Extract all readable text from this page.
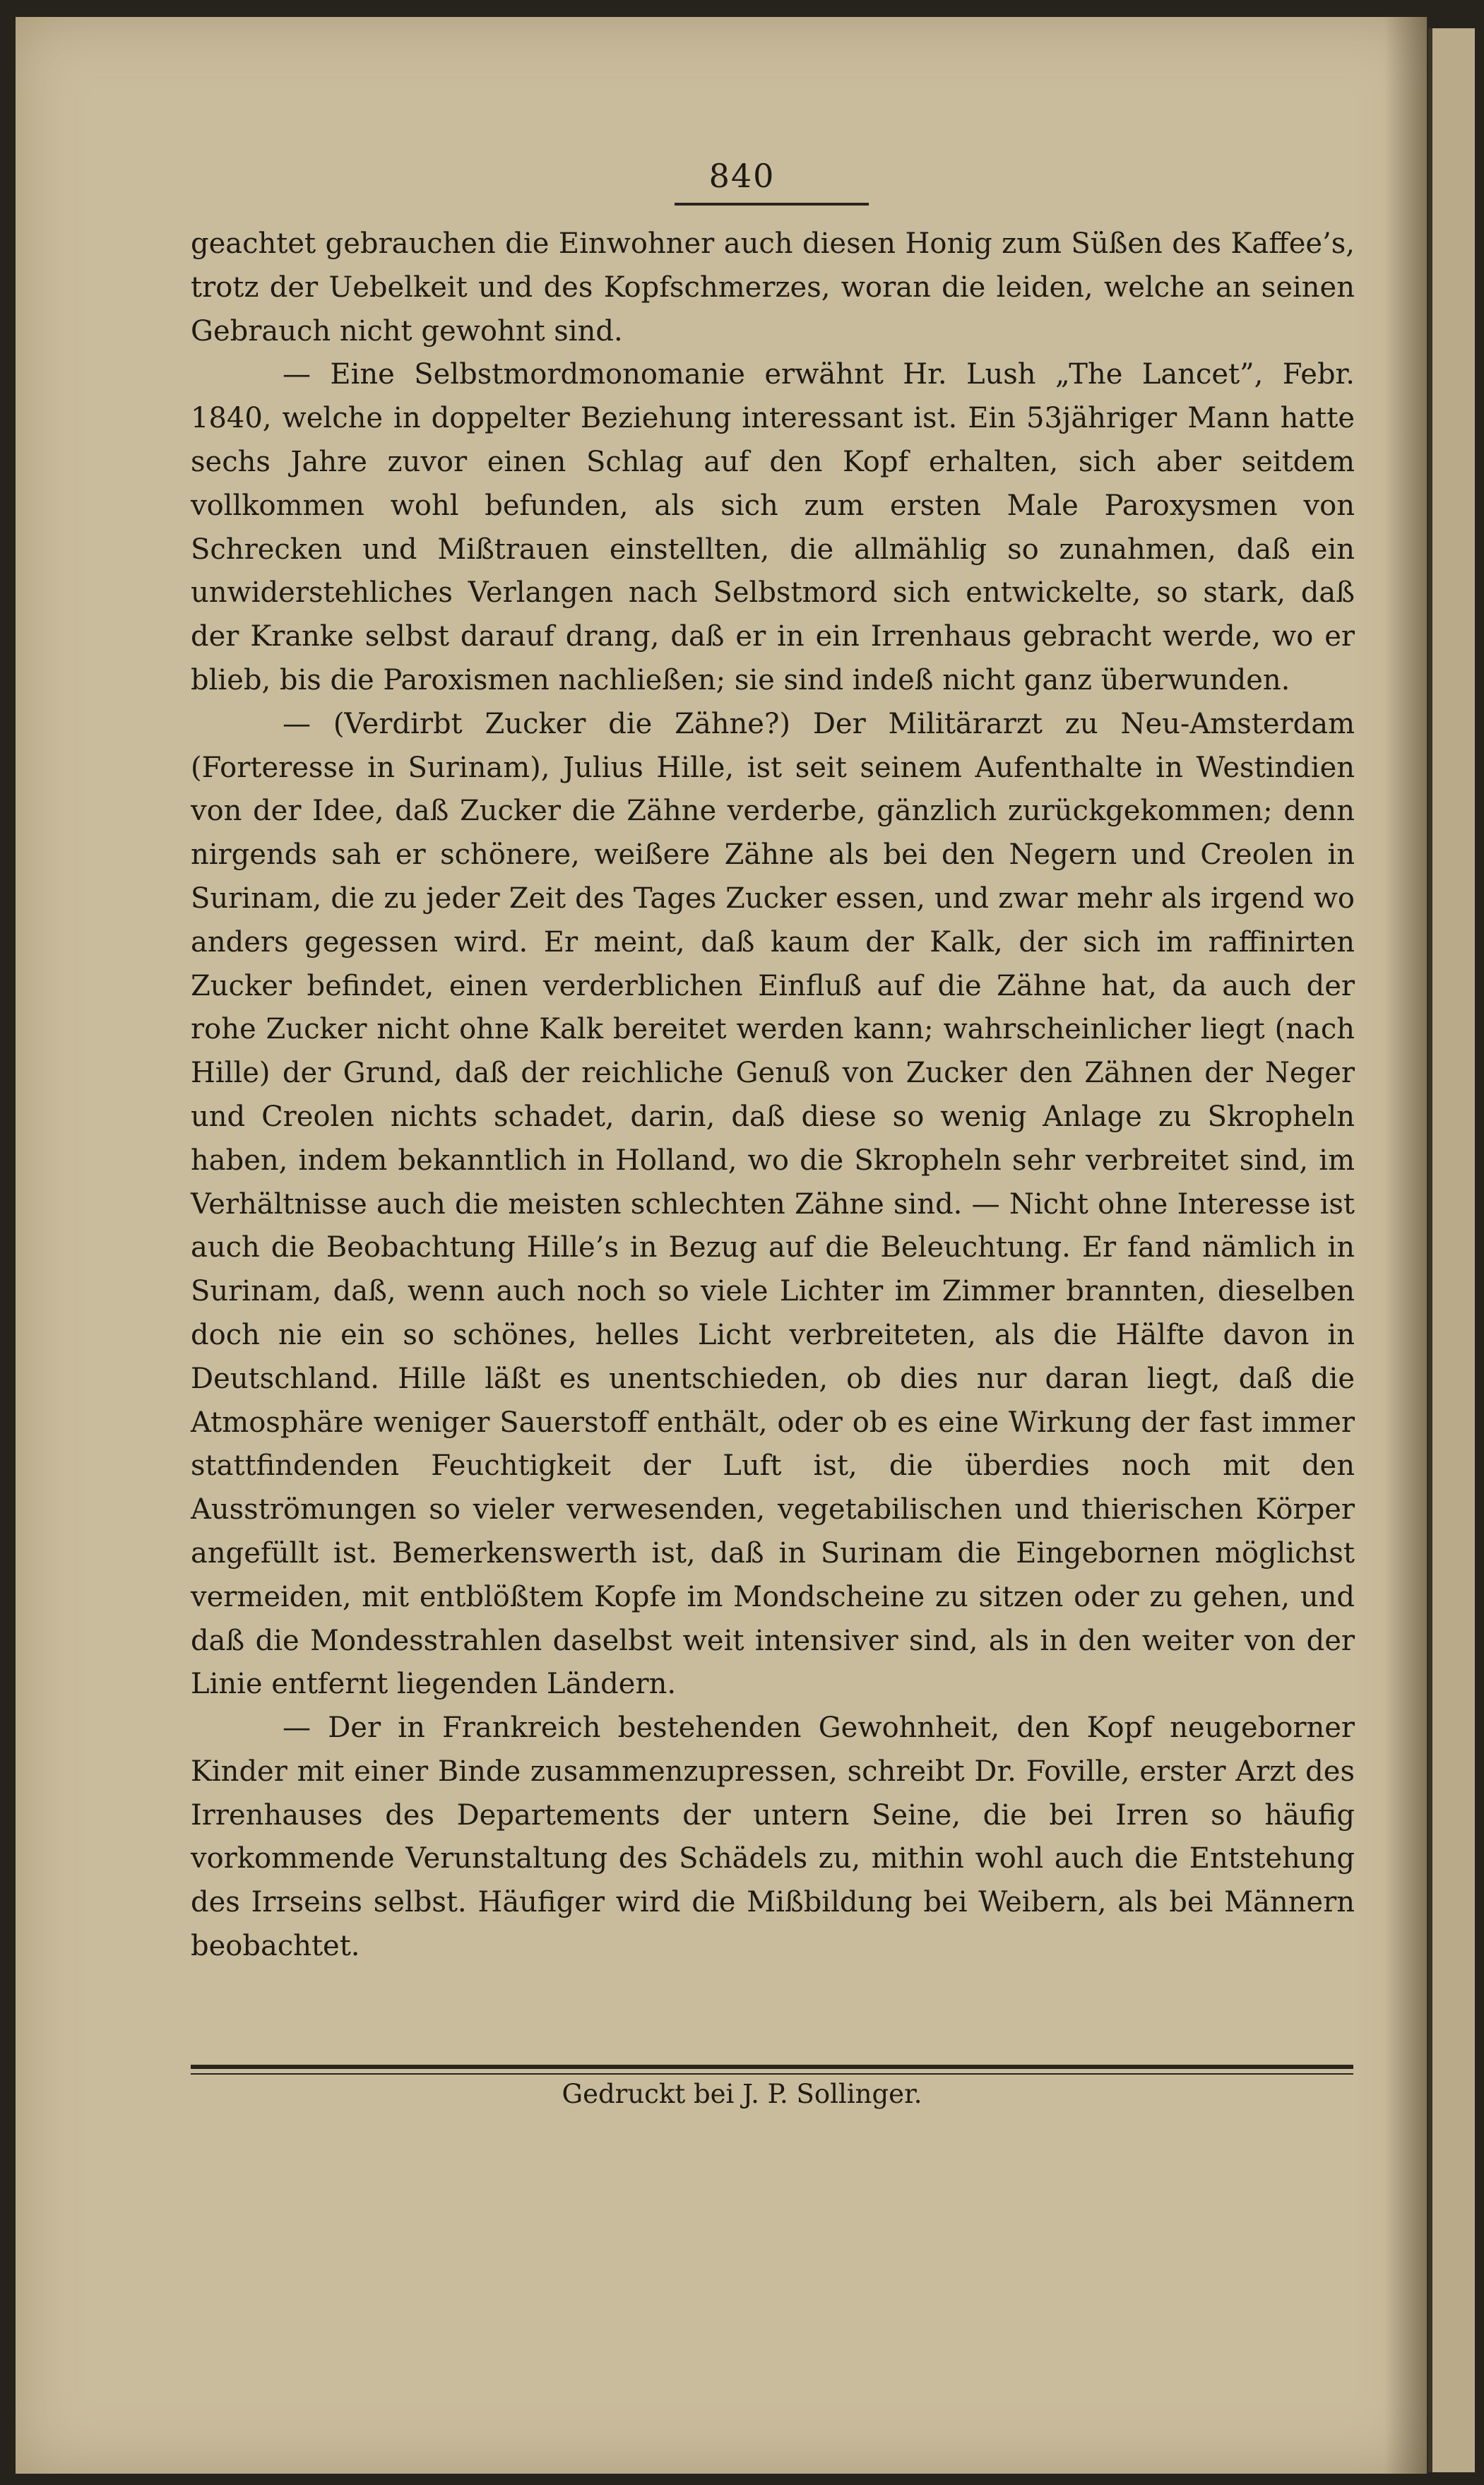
840

geachtet gebrauchen die Einwohner auch diesen Honig zum Süßen des Kaffee’s, trotz der Uebelkeit und des Kopfschmerzes, woran die leiden, welche an seinen Gebrauch nicht gewohnt sind.

— Eine Selbstmordmonomanie erwähnt Hr. Lush „The Lancet”, Febr. 1840, welche in doppelter Beziehung interessant ist. Ein 53jähriger Mann hatte sechs Jahre zuvor einen Schlag auf den Kopf erhalten, sich aber seitdem vollkommen wohl befunden, als sich zum ersten Male Paroxysmen von Schrecken und Mißtrauen einstellten, die allmählig so zunahmen, daß ein unwiderstehliches Verlangen nach Selbstmord sich entwickelte, so stark, daß der Kranke selbst darauf drang, daß er in ein Irrenhaus gebracht werde, wo er blieb, bis die Paroxismen nachließen; sie sind indeß nicht ganz überwunden.

— (Verdirbt Zucker die Zähne?) Der Militärarzt zu Neu-Amsterdam (Forteresse in Surinam), Julius Hille, ist seit seinem Aufenthalte in Westindien von der Idee, daß Zucker die Zähne verderbe, gänzlich zurückgekommen; denn nirgends sah er schönere, weißere Zähne als bei den Negern und Creolen in Surinam, die zu jeder Zeit des Tages Zucker essen, und zwar mehr als irgend wo anders gegessen wird. Er meint, daß kaum der Kalk, der sich im raffinirten Zucker befindet, einen verderblichen Einfluß auf die Zähne hat, da auch der rohe Zucker nicht ohne Kalk bereitet werden kann; wahrscheinlicher liegt (nach Hille) der Grund, daß der reichliche Genuß von Zucker den Zähnen der Neger und Creolen nichts schadet, darin, daß diese so wenig Anlage zu Skropheln haben, indem bekanntlich in Holland, wo die Skropheln sehr verbreitet sind, im Verhältnisse auch die meisten schlechten Zähne sind. — Nicht ohne Interesse ist auch die Beobachtung Hille’s in Bezug auf die Beleuchtung. Er fand nämlich in Surinam, daß, wenn auch noch so viele Lichter im Zimmer brannten, dieselben doch nie ein so schönes, helles Licht verbreiteten, als die Hälfte davon in Deutschland. Hille läßt es unentschieden, ob dies nur daran liegt, daß die Atmosphäre weniger Sauerstoff enthält, oder ob es eine Wirkung der fast immer stattfindenden Feuchtigkeit der Luft ist, die überdies noch mit den Ausströmungen so vieler verwesenden, vegetabilischen und thierischen Körper angefüllt ist. Bemerkenswerth ist, daß in Surinam die Eingebornen möglichst vermeiden, mit entblößtem Kopfe im Mondscheine zu sitzen oder zu gehen, und daß die Mondesstrahlen daselbst weit intensiver sind, als in den weiter von der Linie entfernt liegenden Ländern.

— Der in Frankreich bestehenden Gewohnheit, den Kopf neugeborner Kinder mit einer Binde zusammenzupressen, schreibt Dr. Foville, erster Arzt des Irrenhauses des Departements der untern Seine, die bei Irren so häufig vorkommende Verunstaltung des Schädels zu, mithin wohl auch die Entstehung des Irrseins selbst. Häufiger wird die Mißbildung bei Weibern, als bei Männern beobachtet.

Gedruckt bei J. P. Sollinger.
